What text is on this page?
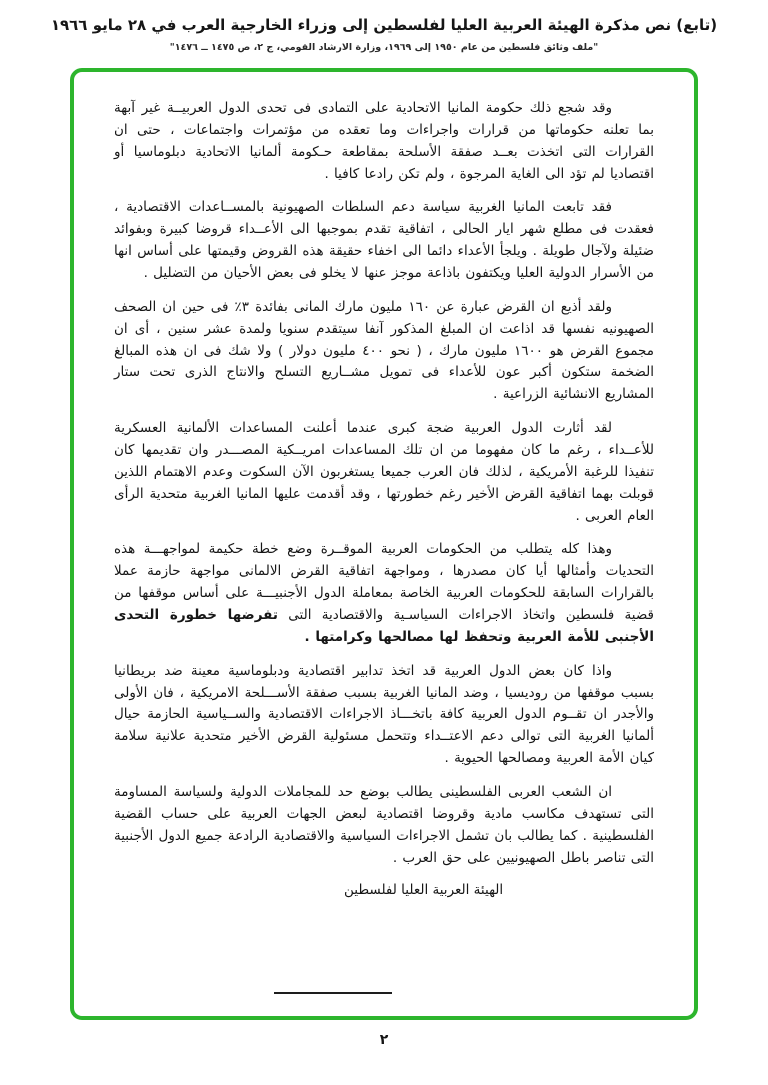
(تابع) نص مذكرة الهيئة العربية العليا لفلسطين إلى وزراء الخارجية العرب في ٢٨ مايو ١٩٦٦
"ملف وثائق فلسطين من عام ١٩٥٠ إلى ١٩٦٩، وزارة الارشاد القومي، ج ٢، ص ١٤٧٥ ــ ١٤٧٦"

وقد شجع ذلك حكومة المانيا الاتحادية على التمادى فى تحدى الدول العربيــة غير آبهة بما تعلنه حكوماتها من قرارات واجراءات وما تعقده من مؤتمرات واجتماعات ، حتى ان القرارات التى اتخذت بعــد صفقة الأسلحة بمقاطعة حـكومة ألمانيا الاتحادية دبلوماسيا أو اقتصاديا لم تؤد الى الغاية المرجوة ، ولم تكن رادعا كافيا .

فقد تابعت المانيا الغربية سياسة دعم السلطات الصهيونية بالمســاعدات الاقتصادية ، فعقدت فى مطلع شهر ايار الحالى ، اتفاقية تقدم بموجبها الى الأعــداء قروضا كبيرة وبفوائد ضئيلة ولآجال طويلة . ويلجأ الأعداء دائما الى اخفاء حقيقة هذه القروض وقيمتها على أساس انها من الأسرار الدولية العليا ويكتفون باذاعة موجز عنها لا يخلو فى بعض الأحيان من التضليل .

ولقد أذيع ان القرض عبارة عن ١٦٠ مليون مارك المانى بفائدة ٣٪ فى حين ان الصحف الصهيونيه نفسها قد اذاعت ان المبلغ المذكور آنفا سيتقدم سنويا ولمدة عشر سنين ، أى ان مجموع القرض هو ١٦٠٠ مليون مارك ، ( نحو ٤٠٠ مليون دولار ) ولا شك فى ان هذه المبالغ الضخمة ستكون أكبر عون للأعداء فى تمويل مشــاريع التسلح والانتاج الذرى تحت ستار المشاريع الانشائية الزراعية .

لقد أثارت الدول العربية ضجة كبرى عندما أعلنت المساعدات الألمانية العسكرية للأعــداء ، رغم ما كان مفهوما من ان تلك المساعدات امريــكية المصـــدر وان تقديمها كان تنفيذا للرغبة الأمريكية ، لذلك فان العرب جميعا يستغربون الآن السكوت وعدم الاهتمام اللذين قوبلت بهما اتفاقية القرض الأخير رغم خطورتها ، وقد أقدمت عليها المانيا الغربية متحدية الرأى العام العربى .

وهذا كله يتطلب من الحكومات العربية الموقــرة وضع خطة حكيمة لمواجهـــة هذه التحديات وأمثالها أيا كان مصدرها ، ومواجهة اتفاقية القرض الالمانى مواجهة حازمة عملا بالقرارات السابقة للحكومات العربية الخاصة بمعاملة الدول الأجنبيـــة على أساس موقفها من قضية فلسطين واتخاذ الاجراءات السياسـية والاقتصادية التى تفرضها خطورة التحدى الأجنبى للأمة العربية وتحفظ لها مصالحها وكرامتها .

واذا كان بعض الدول العربية قد اتخذ تدابير اقتصادية ودبلوماسية معينة ضد بريطانيا بسبب موقفها من روديسيا ، وضد المانيا الغربية بسبب صفقة الأســـلحة الامريكية ، فان الأولى والأجدر ان تقــوم الدول العربية كافة باتخـــاذ الاجراءات الاقتصادية والســياسية الحازمة حيال ألمانيا الغربية التى توالى دعم الاعتــداء وتتحمل مسئولية القرض الأخير متحدية علانية سلامة كيان الأمة العربية ومصالحها الحيوية .

ان الشعب العربى الفلسطينى يطالب بوضع حد للمجاملات الدولية ولسياسة المساومة التى تستهدف مكاسب مادية وقروضا اقتصادية لبعض الجهات العربية على حساب القضية الفلسطينية . كما يطالب بان تشمل الاجراءات السياسية والاقتصادية الرادعة جميع الدول الأجنبية التى تناصر باطل الصهيونيين على حق العرب .

الهيئة العربية العليا لفلسطين
٢
